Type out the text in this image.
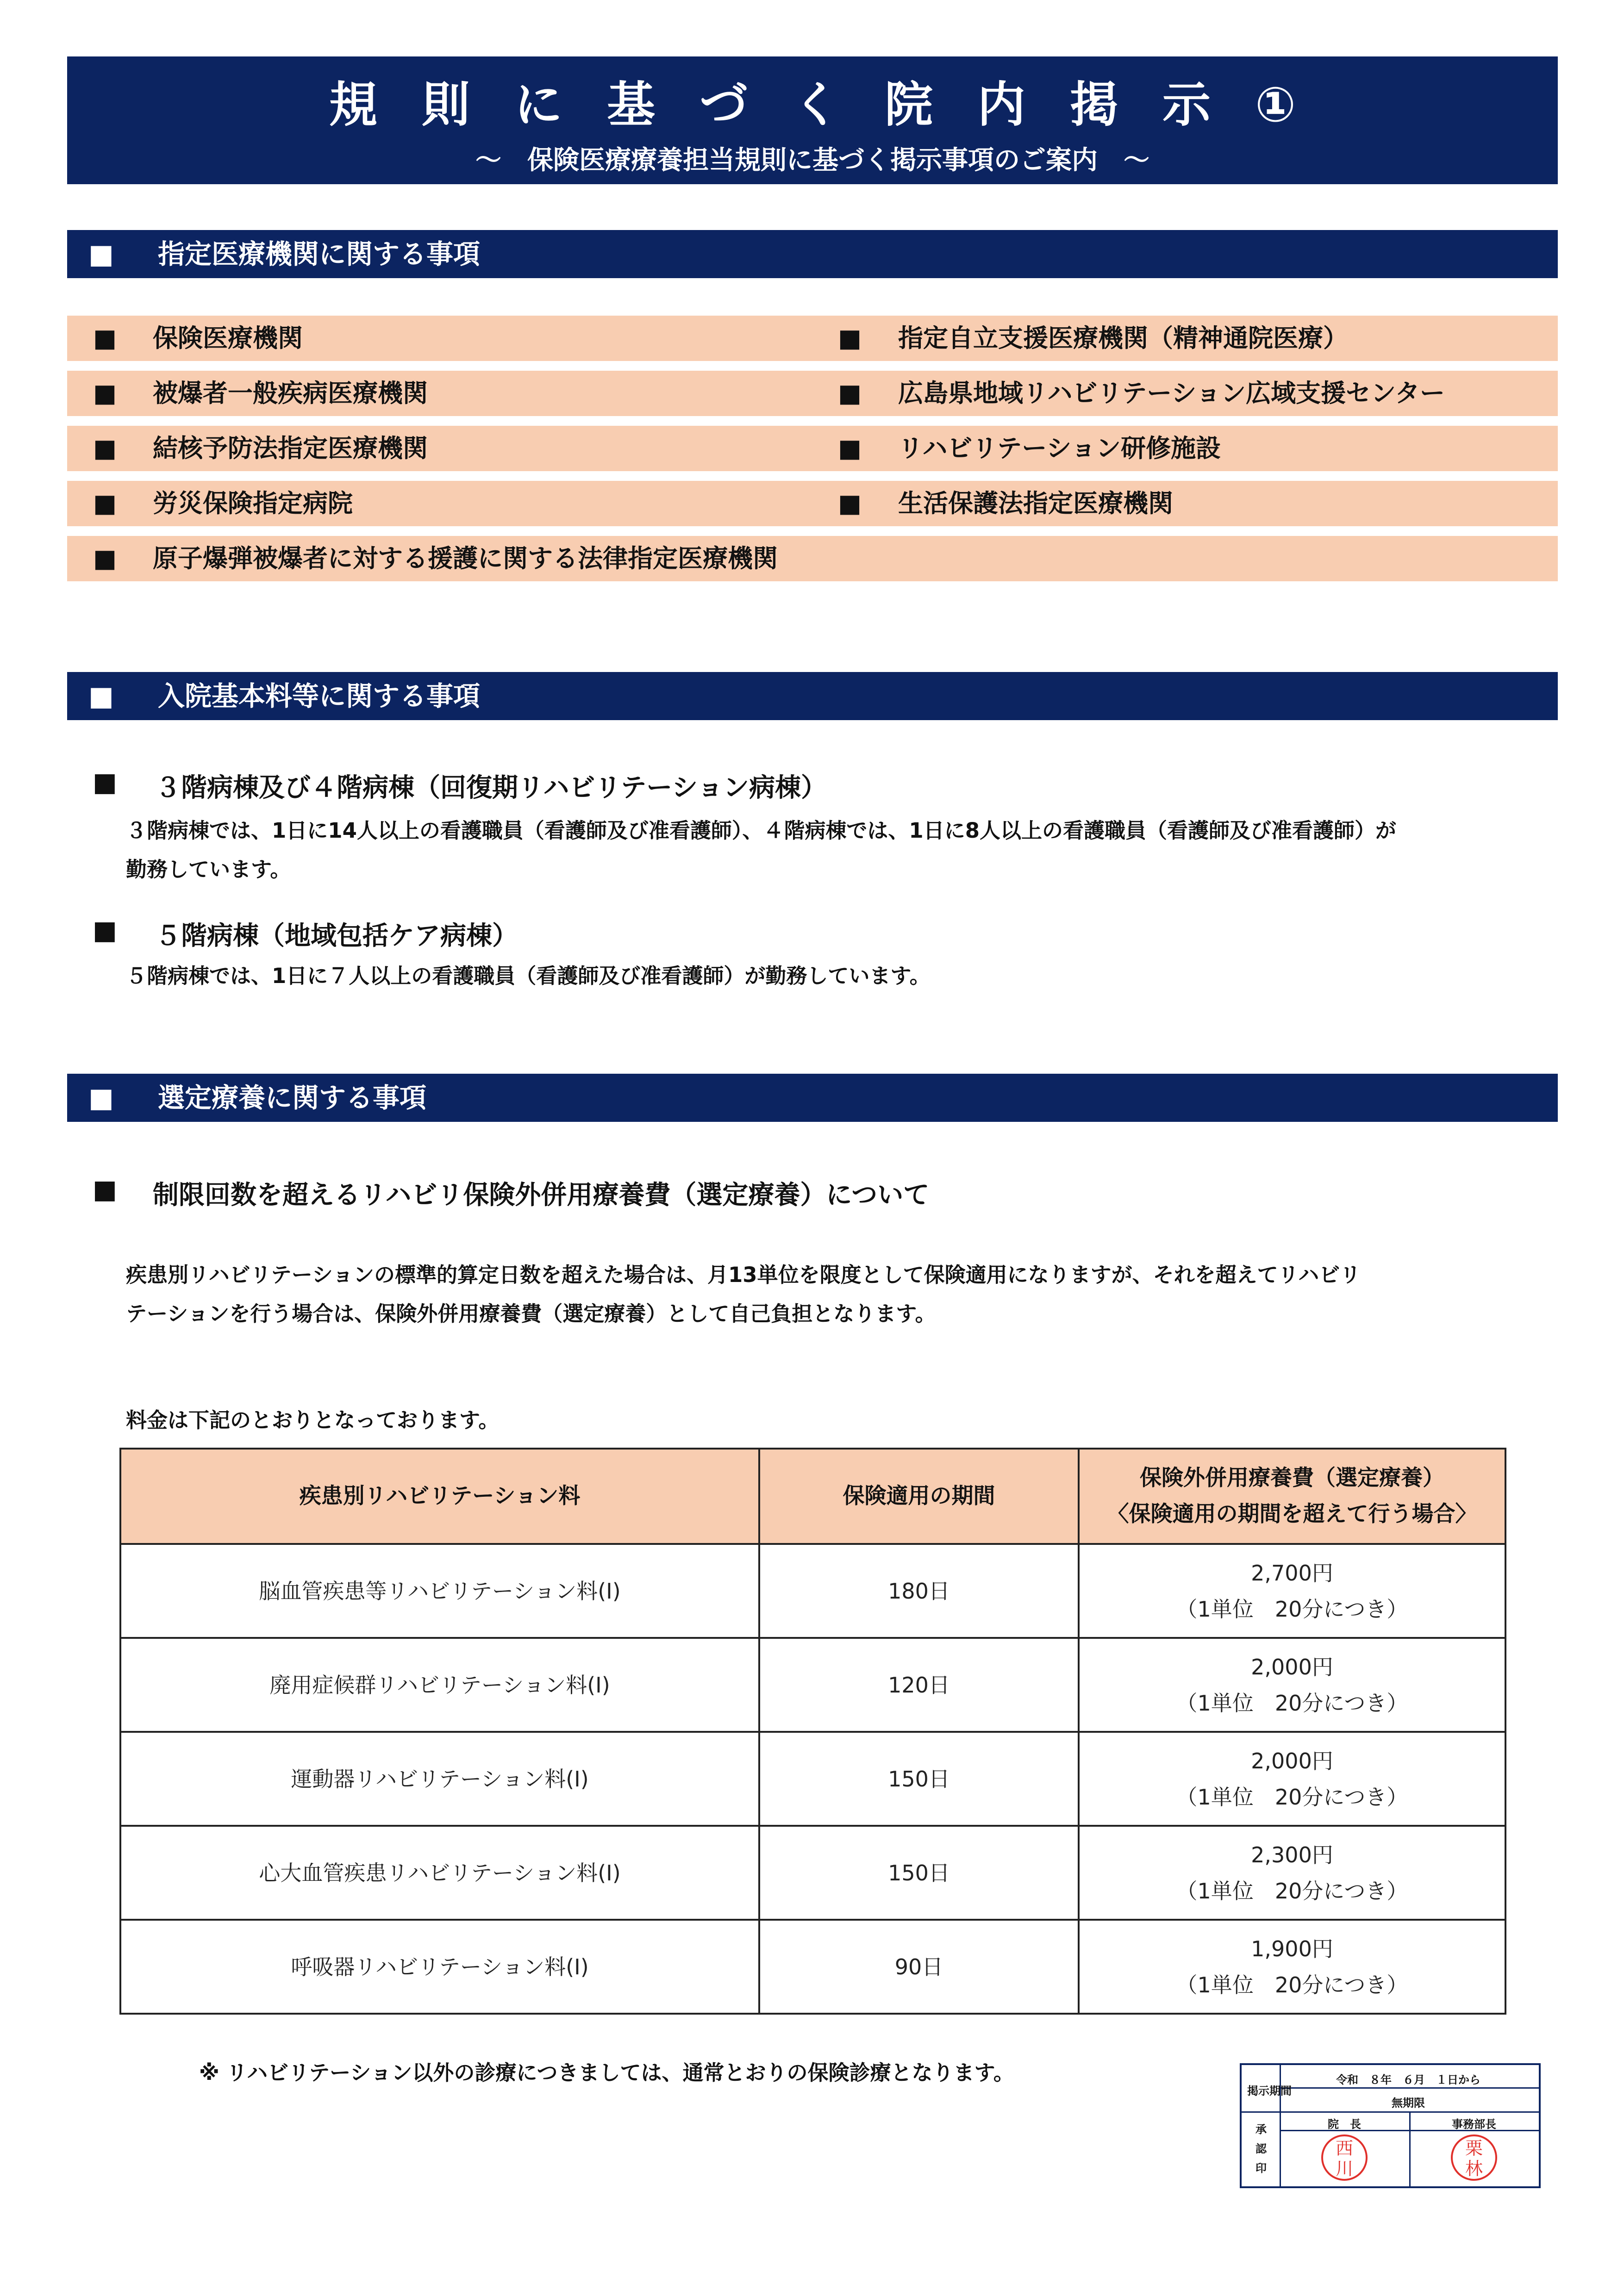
規則に基づく院内掲示①
～　保険医療療養担当規則に基づく掲示事項のご案内　～
■ 指定医療機関に関する事項
■ 保険医療機関	■ 指定自立支援医療機関（精神通院医療）
■ 被爆者一般疾病医療機関	■ 広島県地域リハビリテーション広域支援センター
■ 結核予防法指定医療機関	■ リハビリテーション研修施設
■ 労災保険指定病院	■ 生活保護法指定医療機関
■ 原子爆弾被爆者に対する援護に関する法律指定医療機関
■ 入院基本料等に関する事項
■ ３階病棟及び４階病棟（回復期リハビリテーション病棟）
３階病棟では、1日に14人以上の看護職員（看護師及び准看護師）、４階病棟では、1日に8人以上の看護職員（看護師及び准看護師）が
勤務しています。
■ ５階病棟（地域包括ケア病棟）
５階病棟では、1日に７人以上の看護職員（看護師及び准看護師）が勤務しています。
■ 選定療養に関する事項
■ 制限回数を超えるリハビリ保険外併用療養費（選定療養）について
疾患別リハビリテーションの標準的算定日数を超えた場合は、月13単位を限度として保険適用になりますが、それを超えてリハビリ
テーションを行う場合は、保険外併用療養費（選定療養）として自己負担となります。
料金は下記のとおりとなっております。
疾患別リハビリテーション料	保険適用の期間	保険外併用療養費（選定療養）
〈保険適用の期間を超えて行う場合〉

脳血管疾患等リハビリテーション料(Ⅰ)	180日	2,700円
（1単位　20分につき）

廃用症候群リハビリテーション料(Ⅰ)	120日	2,000円
（1単位　20分につき）

運動器リハビリテーション料(Ⅰ)	150日	2,000円
（1単位　20分につき）

心大血管疾患リハビリテーション料(Ⅰ)	150日	2,300円
（1単位　20分につき）

呼吸器リハビリテーション料(Ⅰ)	90日	1,900円
（1単位　20分につき）
※ リハビリテーション以外の診療につきましては、通常とおりの保険診療となります。
掲示期間
令和　８年　６月　１日から
無期限
承認印
院　長	事務部長
西川
栗林
